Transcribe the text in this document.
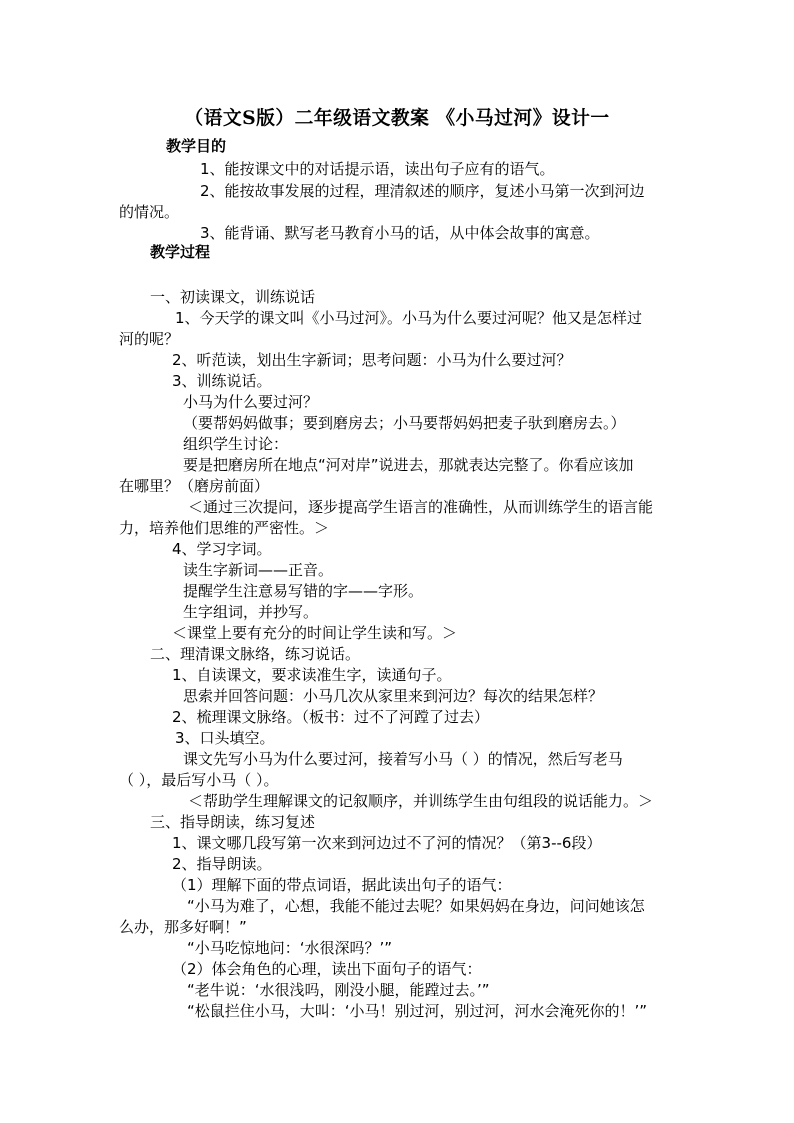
（语文S版）二年级语文教案 《小马过河》设计一
教学目的
1、能按课文中的对话提示语，读出句子应有的语气。
2、能按故事发展的过程，理清叙述的顺序，复述小马第一次到河边
的情况。
3、能背诵、默写老马教育小马的话，从中体会故事的寓意。
教学过程
一、初读课文，训练说话
1、今天学的课文叫《小马过河》。小马为什么要过河呢？他又是怎样过
河的呢？
2、听范读，划出生字新词；思考问题：小马为什么要过河？
3、训练说话。
小马为什么要过河？
（要帮妈妈做事；要到磨房去；小马要帮妈妈把麦子驮到磨房去。）
组织学生讨论：
要是把磨房所在地点“河对岸”说进去，那就表达完整了。你看应该加
在哪里？（磨房前面）
＜通过三次提问，逐步提高学生语言的准确性，从而训练学生的语言能
力，培养他们思维的严密性。＞
4、学习字词。
读生字新词——正音。
提醒学生注意易写错的字——字形。
生字组词，并抄写。
＜课堂上要有充分的时间让学生读和写。＞
二、理清课文脉络，练习说话。
1、自读课文，要求读准生字，读通句子。
思索并回答问题：小马几次从家里来到河边？每次的结果怎样？
2、梳理课文脉络。（板书：过不了河蹚了过去）
3、口头填空。
课文先写小马为什么要过河，接着写小马（ ）的情况，然后写老马
（ ），最后写小马（ ）。
＜帮助学生理解课文的记叙顺序，并训练学生由句组段的说话能力。＞
三、指导朗读，练习复述
1、课文哪几段写第一次来到河边过不了河的情况？（第3--6段）
2、指导朗读。
（1）理解下面的带点词语，据此读出句子的语气：
“小马为难了，心想，我能不能过去呢？如果妈妈在身边，问问她该怎
么办，那多好啊！”
“小马吃惊地问：‘水很深吗？’”
（2）体会角色的心理，读出下面句子的语气：
“老牛说：‘水很浅吗，刚没小腿，能蹚过去。’”
“松鼠拦住小马，大叫：‘小马！别过河，别过河，河水会淹死你的！’”
